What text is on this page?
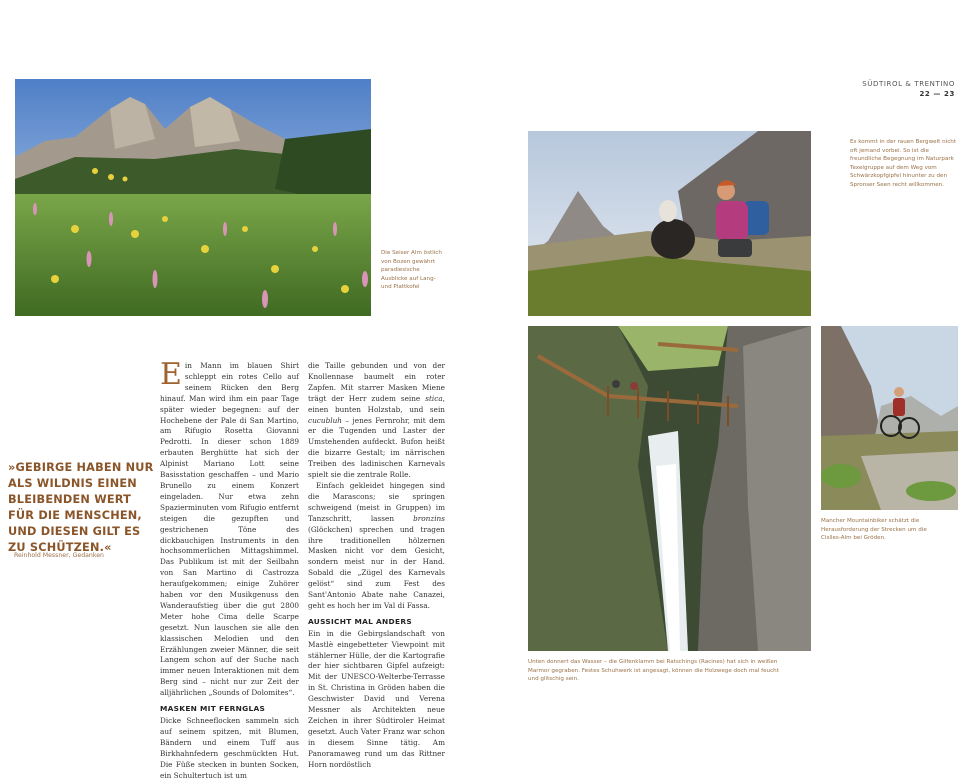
SÜDTIROL & TRENTINO
22 — 23
Die Seiser Alm östlich von Bozen gewährt paradiesische Ausblicke auf Lang- und Plattkofel
Es kommt in der rauen Bergwelt nicht oft jemand vorbei. So ist die freundliche Begegnung im Naturpark Texelgruppe auf dem Weg vom Schwärzkopfgipfel hinunter zu den Spronser Seen recht willkommen.
Unten donnert das Wasser – die Gilfenklamm bei Ratschings (Racines) hat sich in weißen Marmor gegraben. Festes Schuhwerk ist angesagt, können die Holzwege doch mal feucht und glitschig sein.
Mancher Mountainbiker schätzt die Herausforderung der Strecken um die Cislles-Alm bei Gröden.
»GEBIRGE HABEN NUR ALS WILDNIS EINEN BLEIBENDEN WERT FÜR DIE MENSCHEN, UND DIESEN GILT ES ZU SCHÜTZEN.«
Reinhold Messner, Gedanken

Ein Mann im blauen Shirt schleppt ein rotes Cello auf seinem Rücken den Berg hinauf. Man wird ihm ein paar Tage später wieder begegnen: auf der Hochebene der Pale di San Martino, am Rifugio Rosetta Giovanni Pedrotti. In dieser schon 1889 erbauten Berghütte hat sich der Alpinist Mariano Lott seine Basisstation geschaffen – und Mario Brunello zu einem Konzert eingeladen. Nur etwa zehn Spazierminuten vom Rifugio entfernt steigen die gezupften und gestrichenen Töne des dickbauchigen Instruments in den hochsommerlichen Mittagshimmel. Das Publikum ist mit der Seilbahn von San Martino di Castrozza heraufgekommen; einige Zuhörer haben vor den Musikgenuss den Wanderaufstieg über die gut 2800 Meter hohe Cima delle Scarpe gesetzt. Nun lauschen sie alle den klassischen Melodien und den Erzählungen zweier Männer, die seit Langem schon auf der Suche nach immer neuen Interaktionen mit dem Berg sind – nicht nur zur Zeit der alljährlichen „Sounds of Dolomites“.

MASKEN MIT FERNGLAS

Dicke Schneeflocken sammeln sich auf seinem spitzen, mit Blumen, Bändern und einem Tuff aus Birkhahnfedern geschmückten Hut. Die Füße stecken in bunten Socken, ein Schultertuch ist um

die Taille gebunden und von der Knollennase baumelt ein roter Zapfen. Mit starrer Masken Miene trägt der Herr zudem seine stica, einen bunten Holzstab, und sein cucubluh – jenes Fernrohr, mit dem er die Tugenden und Laster der Umstehenden aufdeckt. Bufon heißt die bizarre Gestalt; im närrischen Treiben des ladinischen Karnevals spielt sie die zentrale Rolle.

Einfach gekleidet hingegen sind die Marascons; sie springen schweigend (meist in Gruppen) im Tanzschritt, lassen bronzins (Glöckchen) sprechen und tragen ihre traditionellen hölzernen Masken nicht vor dem Gesicht, sondern meist nur in der Hand. Sobald die „Zügel des Karnevals gelöst“ sind zum Fest des Sant'Antonio Abate nahe Canazei, geht es hoch her im Val di Fassa.

AUSSICHT MAL ANDERS

Ein in die Gebirgslandschaft von Mastlè eingebetteter Viewpoint mit stählerner Hülle, der die Kartografie der hier sichtbaren Gipfel aufzeigt: Mit der UNESCO-Welterbe-Terrasse in St. Christina in Gröden haben die Geschwister David und Verena Messner als Architekten neue Zeichen in ihrer Südtiroler Heimat gesetzt. Auch Vater Franz war schon in diesem Sinne tätig. Am Panoramaweg rund um das Rittner Horn nordöstlich
